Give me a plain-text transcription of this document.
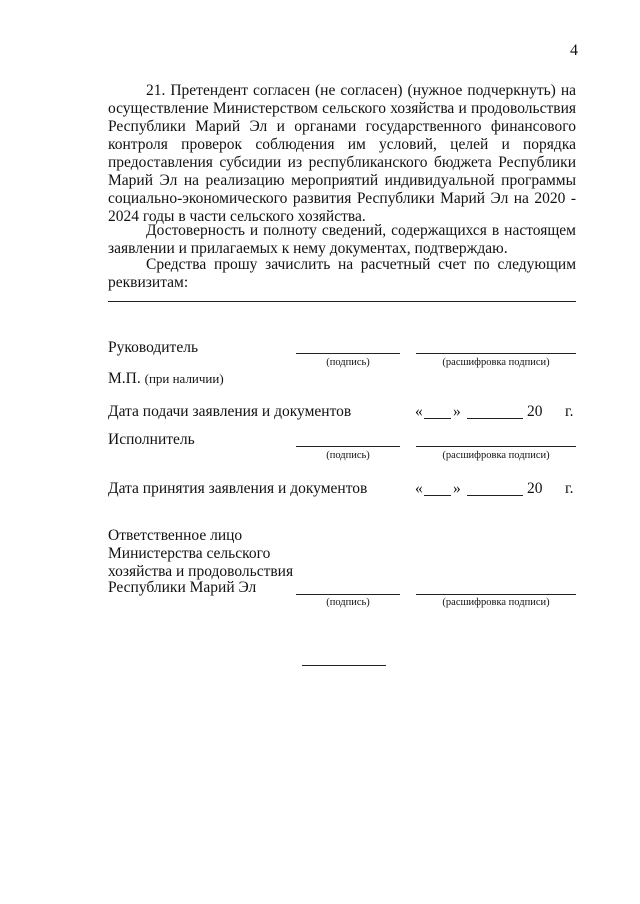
4

21. Претендент согласен (не согласен) (нужное подчеркнуть) на осуществление Министерством сельского хозяйства и продовольствия Республики Марий Эл и органами государственного финансового контроля проверок соблюдения им условий, целей и порядка предоставления субсидии из республиканского бюджета Республики Марий Эл на реализацию мероприятий индивидуальной программы социально-экономического развития Республики Марий Эл на 2020 - 2024 годы в части сельского хозяйства.

Достоверность и полноту сведений, содержащихся в настоящем заявлении и прилагаемых к нему документах, подтверждаю.

Средства прошу зачислить на расчетный счет по следующим реквизитам:

Руководитель
(подпись)	(расшифровка подписи)
М.П. (при наличии)
Дата подачи заявления и документов	« »	20 г.
Исполнитель
(подпись)	(расшифровка подписи)
Дата принятия заявления и документов	« »	20 г.
Ответственное лицо
Министерства сельского
хозяйства и продовольствия
Республики Марий Эл
(подпись)	(расшифровка подписи)
